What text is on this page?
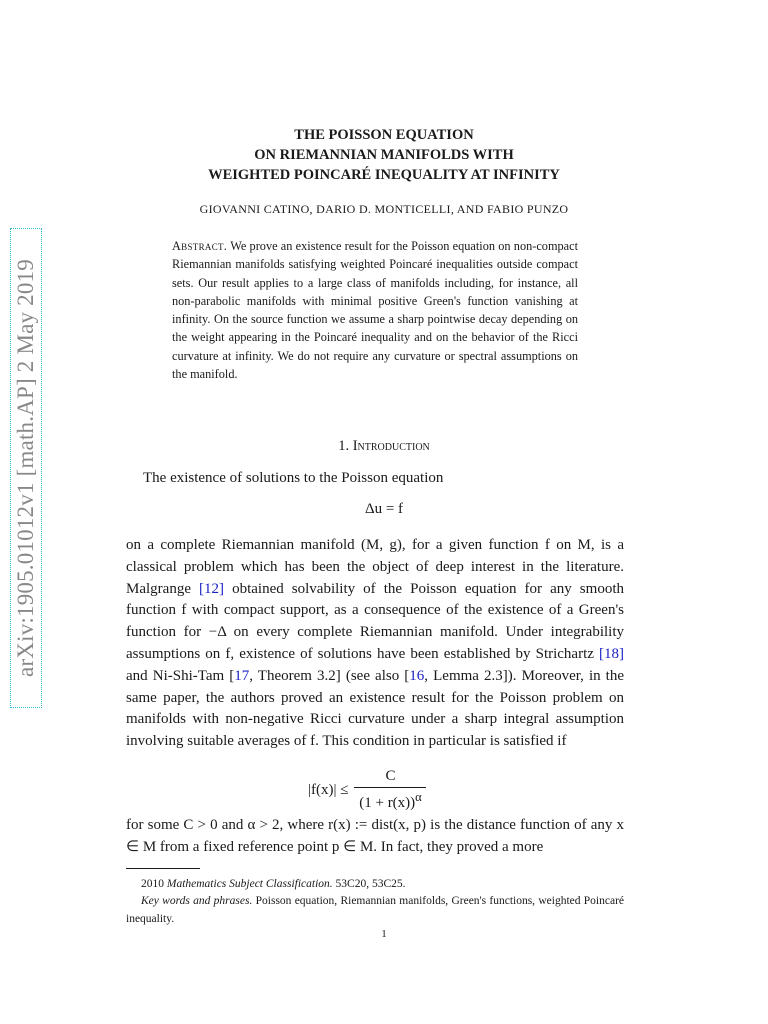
arXiv:1905.01012v1 [math.AP] 2 May 2019
THE POISSON EQUATION
ON RIEMANNIAN MANIFOLDS WITH
WEIGHTED POINCARÉ INEQUALITY AT INFINITY
GIOVANNI CATINO, DARIO D. MONTICELLI, AND FABIO PUNZO
Abstract. We prove an existence result for the Poisson equation on non-compact Riemannian manifolds satisfying weighted Poincaré inequalities outside compact sets. Our result applies to a large class of manifolds including, for instance, all non-parabolic manifolds with minimal positive Green's function vanishing at infinity. On the source function we assume a sharp pointwise decay depending on the weight appearing in the Poincaré inequality and on the behavior of the Ricci curvature at infinity. We do not require any curvature or spectral assumptions on the manifold.
1. Introduction
The existence of solutions to the Poisson equation
Δu = f
on a complete Riemannian manifold (M, g), for a given function f on M, is a classical problem which has been the object of deep interest in the literature. Malgrange [12] obtained solvability of the Poisson equation for any smooth function f with compact support, as a consequence of the existence of a Green's function for −Δ on every complete Riemannian manifold. Under integrability assumptions on f, existence of solutions have been established by Strichartz [18] and Ni-Shi-Tam [17, Theorem 3.2] (see also [16, Lemma 2.3]). Moreover, in the same paper, the authors proved an existence result for the Poisson problem on manifolds with non-negative Ricci curvature under a sharp integral assumption involving suitable averages of f. This condition in particular is satisfied if
$|f(x)| \le \frac{C}{(1 + r(x))^\alpha}$
for some C > 0 and α > 2, where r(x) := dist(x, p) is the distance function of any x ∈ M from a fixed reference point p ∈ M. In fact, they proved a more
2010 Mathematics Subject Classification. 53C20, 53C25.
Key words and phrases. Poisson equation, Riemannian manifolds, Green's functions, weighted Poincaré inequality.
1
